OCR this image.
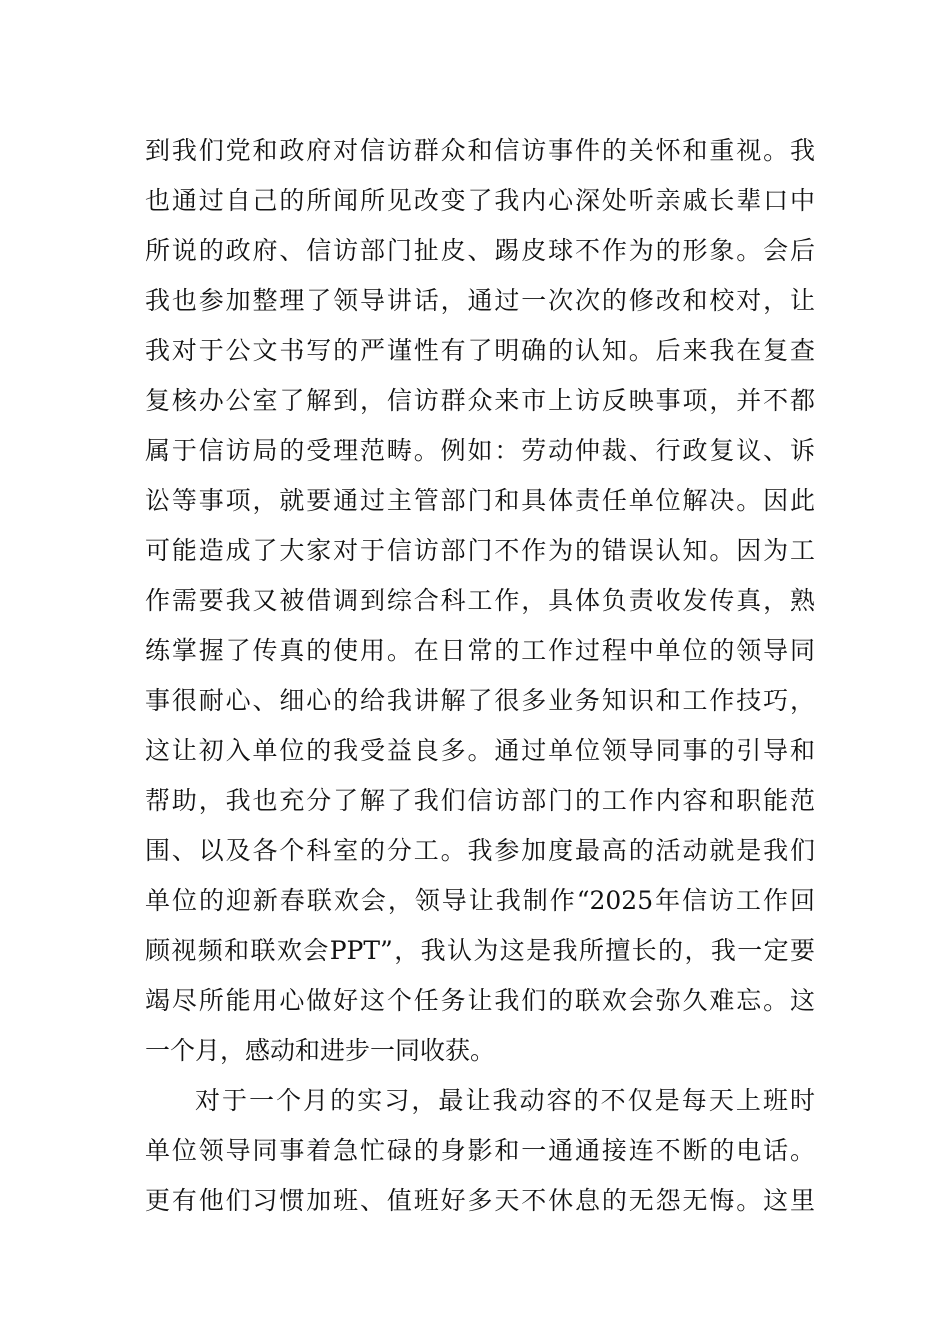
到我们党和政府对信访群众和信访事件的关怀和重视。我
也通过自己的所闻所见改变了我内心深处听亲戚长辈口中
所说的政府、信访部门扯皮、踢皮球不作为的形象。会后
我也参加整理了领导讲话，通过一次次的修改和校对，让
我对于公文书写的严谨性有了明确的认知。后来我在复查
复核办公室了解到，信访群众来市上访反映事项，并不都
属于信访局的受理范畴。例如：劳动仲裁、行政复议、诉
讼等事项，就要通过主管部门和具体责任单位解决。因此
可能造成了大家对于信访部门不作为的错误认知。因为工
作需要我又被借调到综合科工作，具体负责收发传真，熟
练掌握了传真的使用。在日常的工作过程中单位的领导同
事很耐心、细心的给我讲解了很多业务知识和工作技巧，
这让初入单位的我受益良多。通过单位领导同事的引导和
帮助，我也充分了解了我们信访部门的工作内容和职能范
围、以及各个科室的分工。我参加度最高的活动就是我们
单位的迎新春联欢会，领导让我制作“2025年信访工作回
顾视频和联欢会PPT”，我认为这是我所擅长的，我一定要
竭尽所能用心做好这个任务让我们的联欢会弥久难忘。这
一个月，感动和进步一同收获。
对于一个月的实习，最让我动容的不仅是每天上班时
单位领导同事着急忙碌的身影和一通通接连不断的电话。
更有他们习惯加班、值班好多天不休息的无怨无悔。这里
